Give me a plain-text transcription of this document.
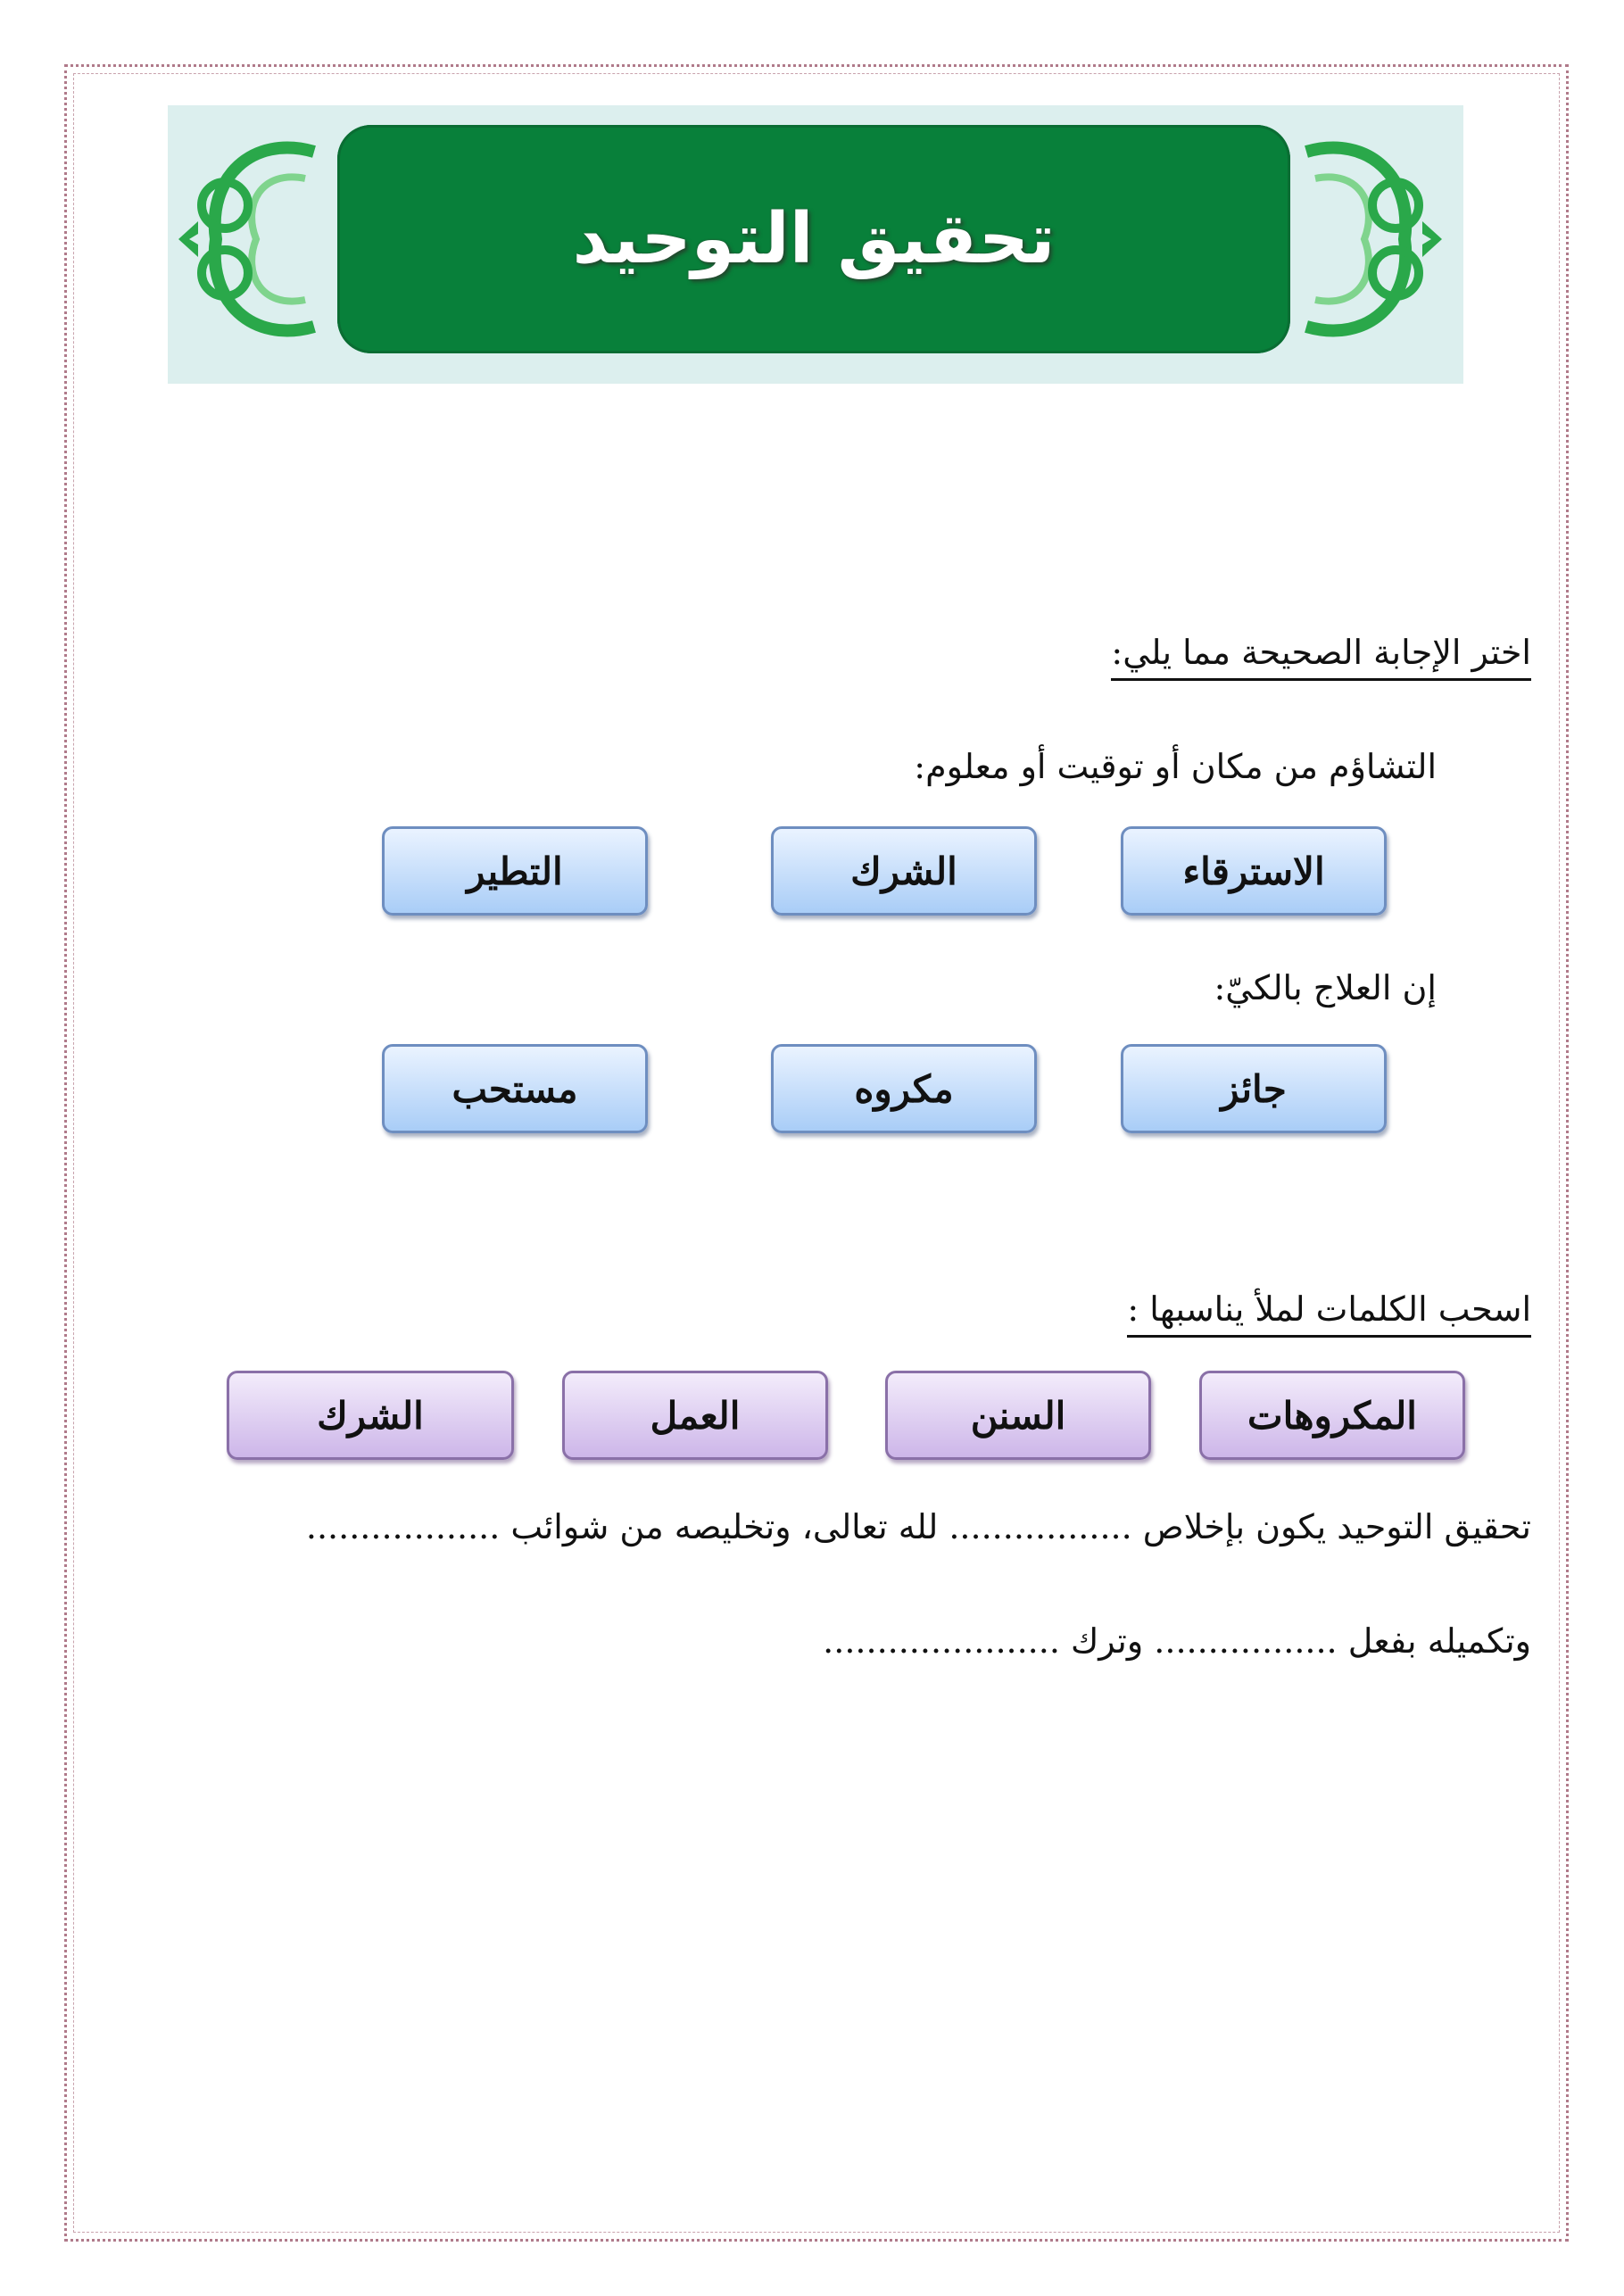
تحقيق التوحيد
اختر الإجابة الصحيحة مما يلي:
التشاؤم من مكان أو توقيت أو معلوم:
الاسترقاء
الشرك
التطير
إن العلاج بالكيّ:
جائز
مكروه
مستحب
اسحب الكلمات لملأ يناسبها :
المكروهات
السنن
العمل
الشرك
تحقيق التوحيد يكون بإخلاص ................. لله تعالى، وتخليصه من شوائب ..................
وتكميله بفعل ................. وترك ......................
